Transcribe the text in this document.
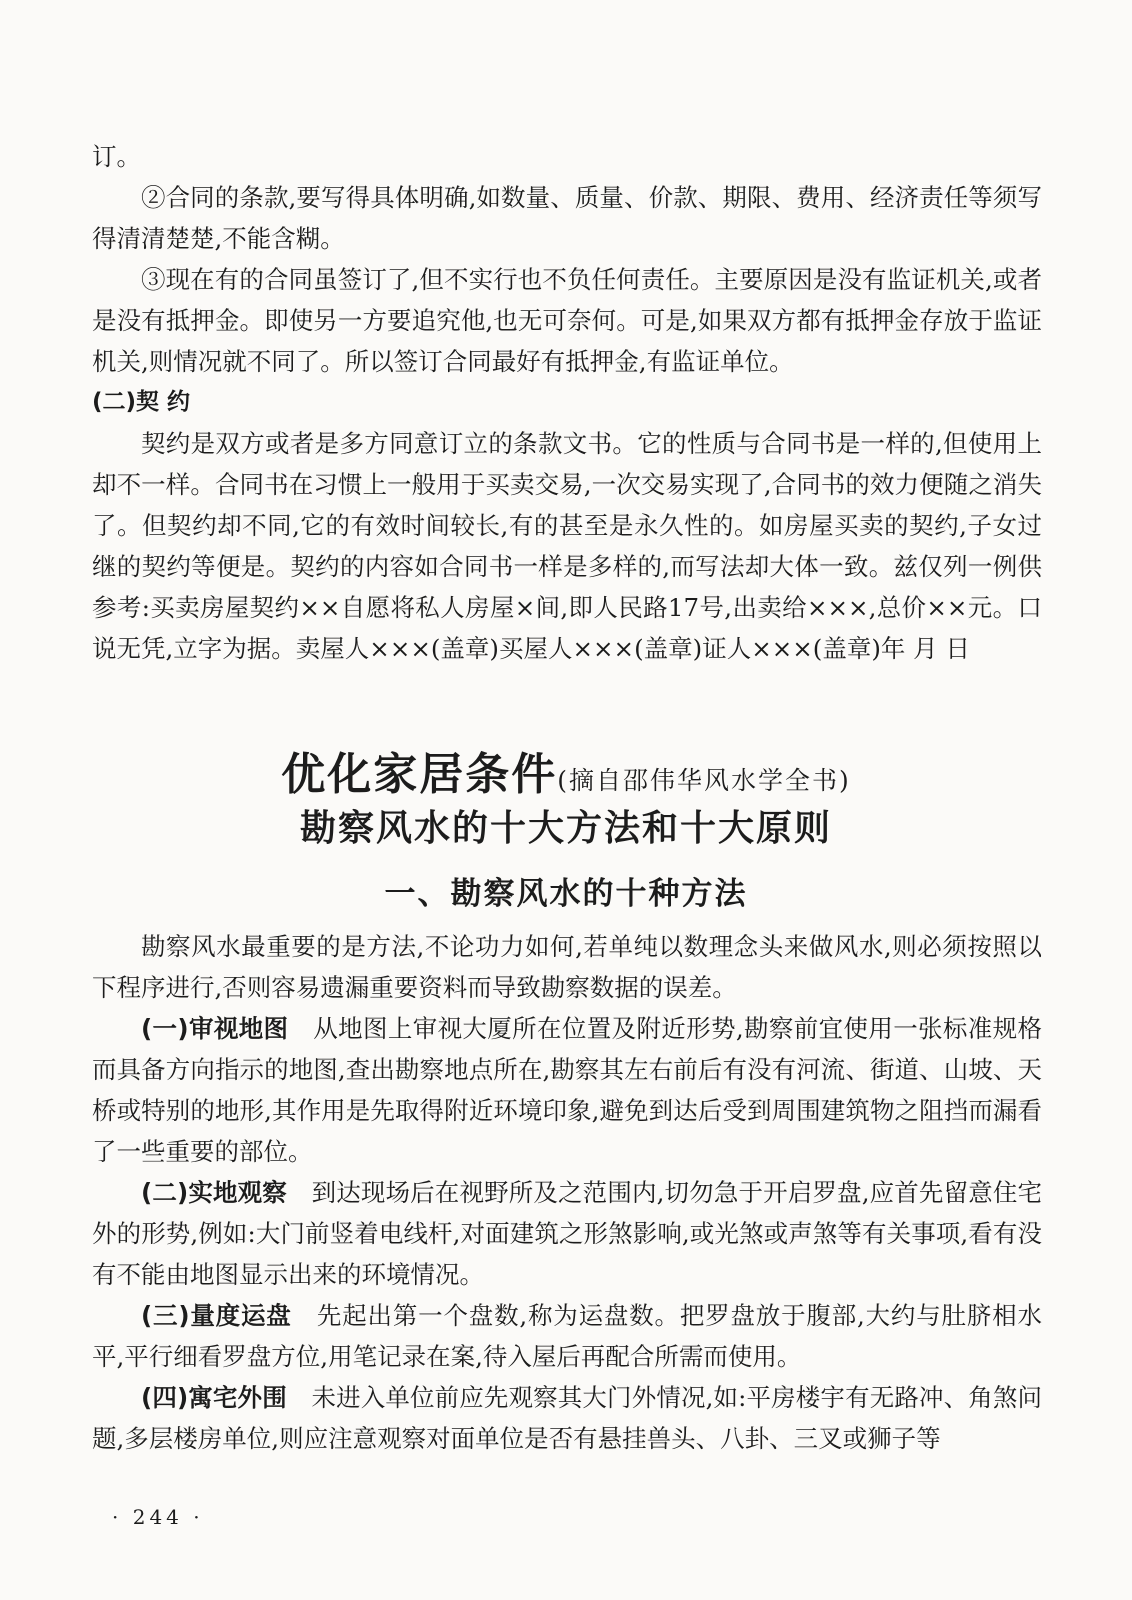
订。

②合同的条款,要写得具体明确,如数量、质量、价款、期限、费用、经济责任等须写得清清楚楚,不能含糊。

③现在有的合同虽签订了,但不实行也不负任何责任。主要原因是没有监证机关,或者是没有抵押金。即使另一方要追究他,也无可奈何。可是,如果双方都有抵押金存放于监证机关,则情况就不同了。所以签订合同最好有抵押金,有监证单位。

(二)契 约

契约是双方或者是多方同意订立的条款文书。它的性质与合同书是一样的,但使用上却不一样。合同书在习惯上一般用于买卖交易,一次交易实现了,合同书的效力便随之消失了。但契约却不同,它的有效时间较长,有的甚至是永久性的。如房屋买卖的契约,子女过继的契约等便是。契约的内容如合同书一样是多样的,而写法却大体一致。兹仅列一例供参考:买卖房屋契约××自愿将私人房屋×间,即人民路17号,出卖给×××,总价××元。口说无凭,立字为据。卖屋人×××(盖章)买屋人×××(盖章)证人×××(盖章)年 月 日

优化家居条件(摘自邵伟华风水学全书)
勘察风水的十大方法和十大原则
一、勘察风水的十种方法

勘察风水最重要的是方法,不论功力如何,若单纯以数理念头来做风水,则必须按照以下程序进行,否则容易遗漏重要资料而导致勘察数据的误差。

(一)审视地图　 从地图上审视大厦所在位置及附近形势,勘察前宜使用一张标准规格而具备方向指示的地图,查出勘察地点所在,勘察其左右前后有没有河流、街道、山坡、天桥或特别的地形,其作用是先取得附近环境印象,避免到达后受到周围建筑物之阻挡而漏看了一些重要的部位。

(二)实地观察　 到达现场后在视野所及之范围内,切勿急于开启罗盘,应首先留意住宅外的形势,例如:大门前竖着电线杆,对面建筑之形煞影响,或光煞或声煞等有关事项,看有没有不能由地图显示出来的环境情况。

(三)量度运盘　 先起出第一个盘数,称为运盘数。把罗盘放于腹部,大约与肚脐相水平,平行细看罗盘方位,用笔记录在案,待入屋后再配合所需而使用。

(四)寓宅外围　 未进入单位前应先观察其大门外情况,如:平房楼宇有无路冲、角煞问题,多层楼房单位,则应注意观察对面单位是否有悬挂兽头、八卦、三叉或狮子等

· 244 ·
